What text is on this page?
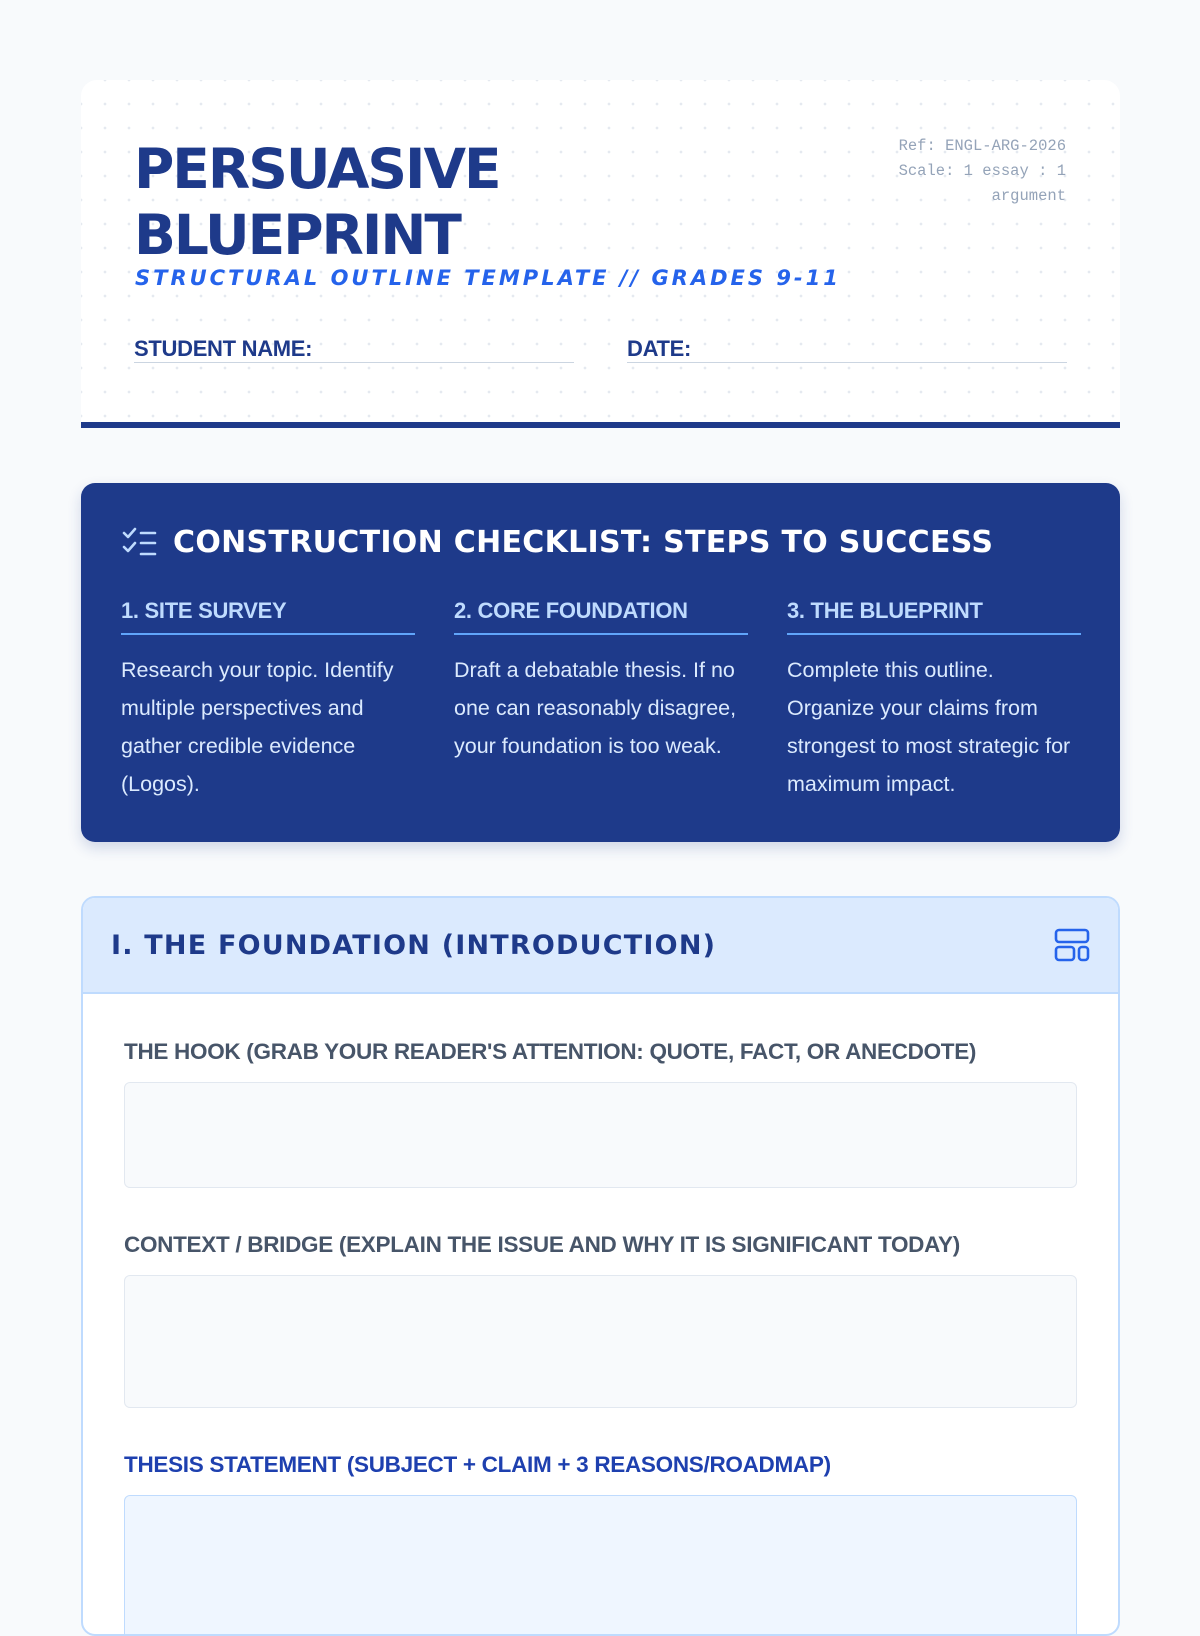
PERSUASIVE
BLUEPRINT
STRUCTURAL OUTLINE TEMPLATE // GRADES 9-11
Ref: ENGL-ARG-2026
Scale: 1 essay : 1
argument
STUDENT NAME:	DATE:
CONSTRUCTION CHECKLIST: STEPS TO SUCCESS
1. SITE SURVEY
Research your topic. Identify multiple perspectives and gather credible evidence (Logos).
2. CORE FOUNDATION
Draft a debatable thesis. If no one can reasonably disagree, your foundation is too weak.
3. THE BLUEPRINT
Complete this outline. Organize your claims from strongest to most strategic for maximum impact.
I. THE FOUNDATION (INTRODUCTION)
THE HOOK (GRAB YOUR READER'S ATTENTION: QUOTE, FACT, OR ANECDOTE)
CONTEXT / BRIDGE (EXPLAIN THE ISSUE AND WHY IT IS SIGNIFICANT TODAY)
THESIS STATEMENT (SUBJECT + CLAIM + 3 REASONS/ROADMAP)
